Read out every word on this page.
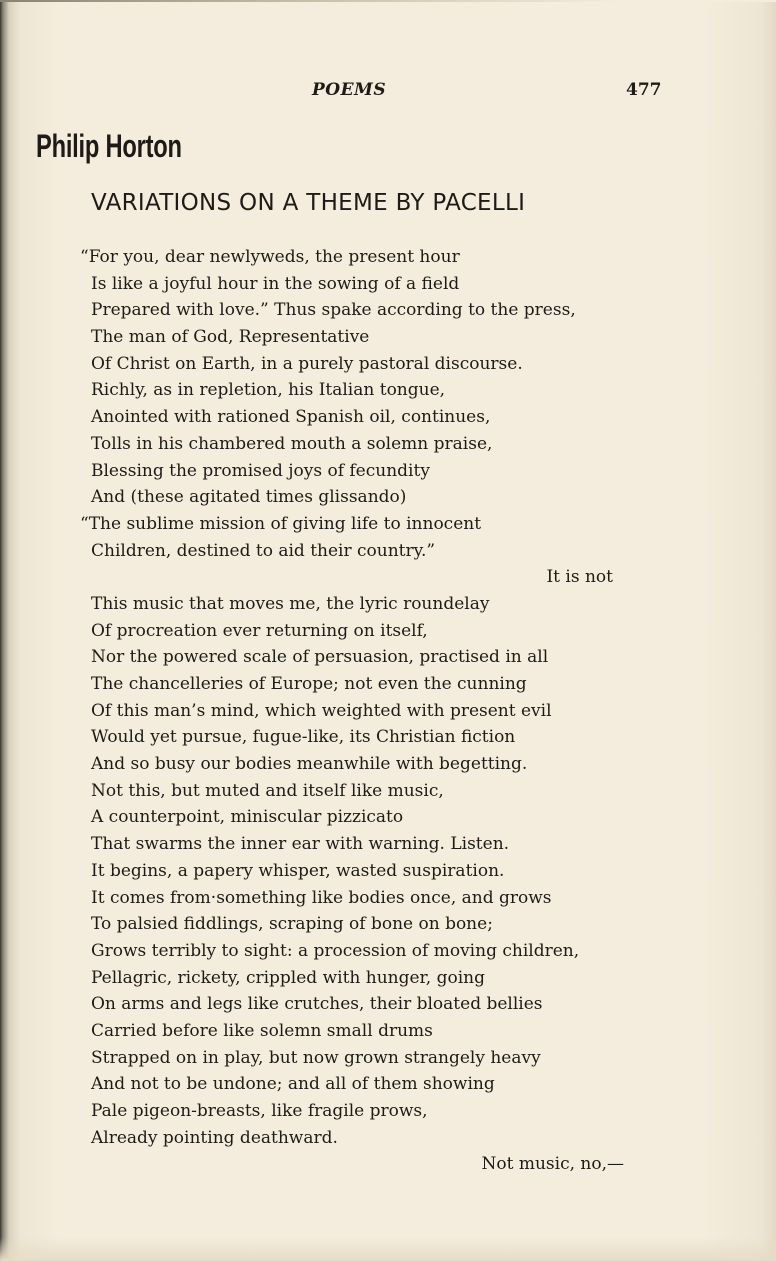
POEMS	477
Philip Horton
VARIATIONS ON A THEME BY PACELLI
“For you, dear newlyweds, the present hour
Is like a joyful hour in the sowing of a field
Prepared with love.” Thus spake according to the press,
The man of God, Representative
Of Christ on Earth, in a purely pastoral discourse.
Richly, as in repletion, his Italian tongue,
Anointed with rationed Spanish oil, continues,
Tolls in his chambered mouth a solemn praise,
Blessing the promised joys of fecundity
And (these agitated times glissando)
“The sublime mission of giving life to innocent
Children, destined to aid their country.”
It is not
This music that moves me, the lyric roundelay
Of procreation ever returning on itself,
Nor the powered scale of persuasion, practised in all
The chancelleries of Europe; not even the cunning
Of this man’s mind, which weighted with present evil
Would yet pursue, fugue-like, its Christian fiction
And so busy our bodies meanwhile with begetting.
Not this, but muted and itself like music,
A counterpoint, miniscular pizzicato
That swarms the inner ear with warning. Listen.
It begins, a papery whisper, wasted suspiration.
It comes from·something like bodies once, and grows
To palsied fiddlings, scraping of bone on bone;
Grows terribly to sight: a procession of moving children,
Pellagric, rickety, crippled with hunger, going
On arms and legs like crutches, their bloated bellies
Carried before like solemn small drums
Strapped on in play, but now grown strangely heavy
And not to be undone; and all of them showing
Pale pigeon-breasts, like fragile prows,
Already pointing deathward.
Not music, no,—
